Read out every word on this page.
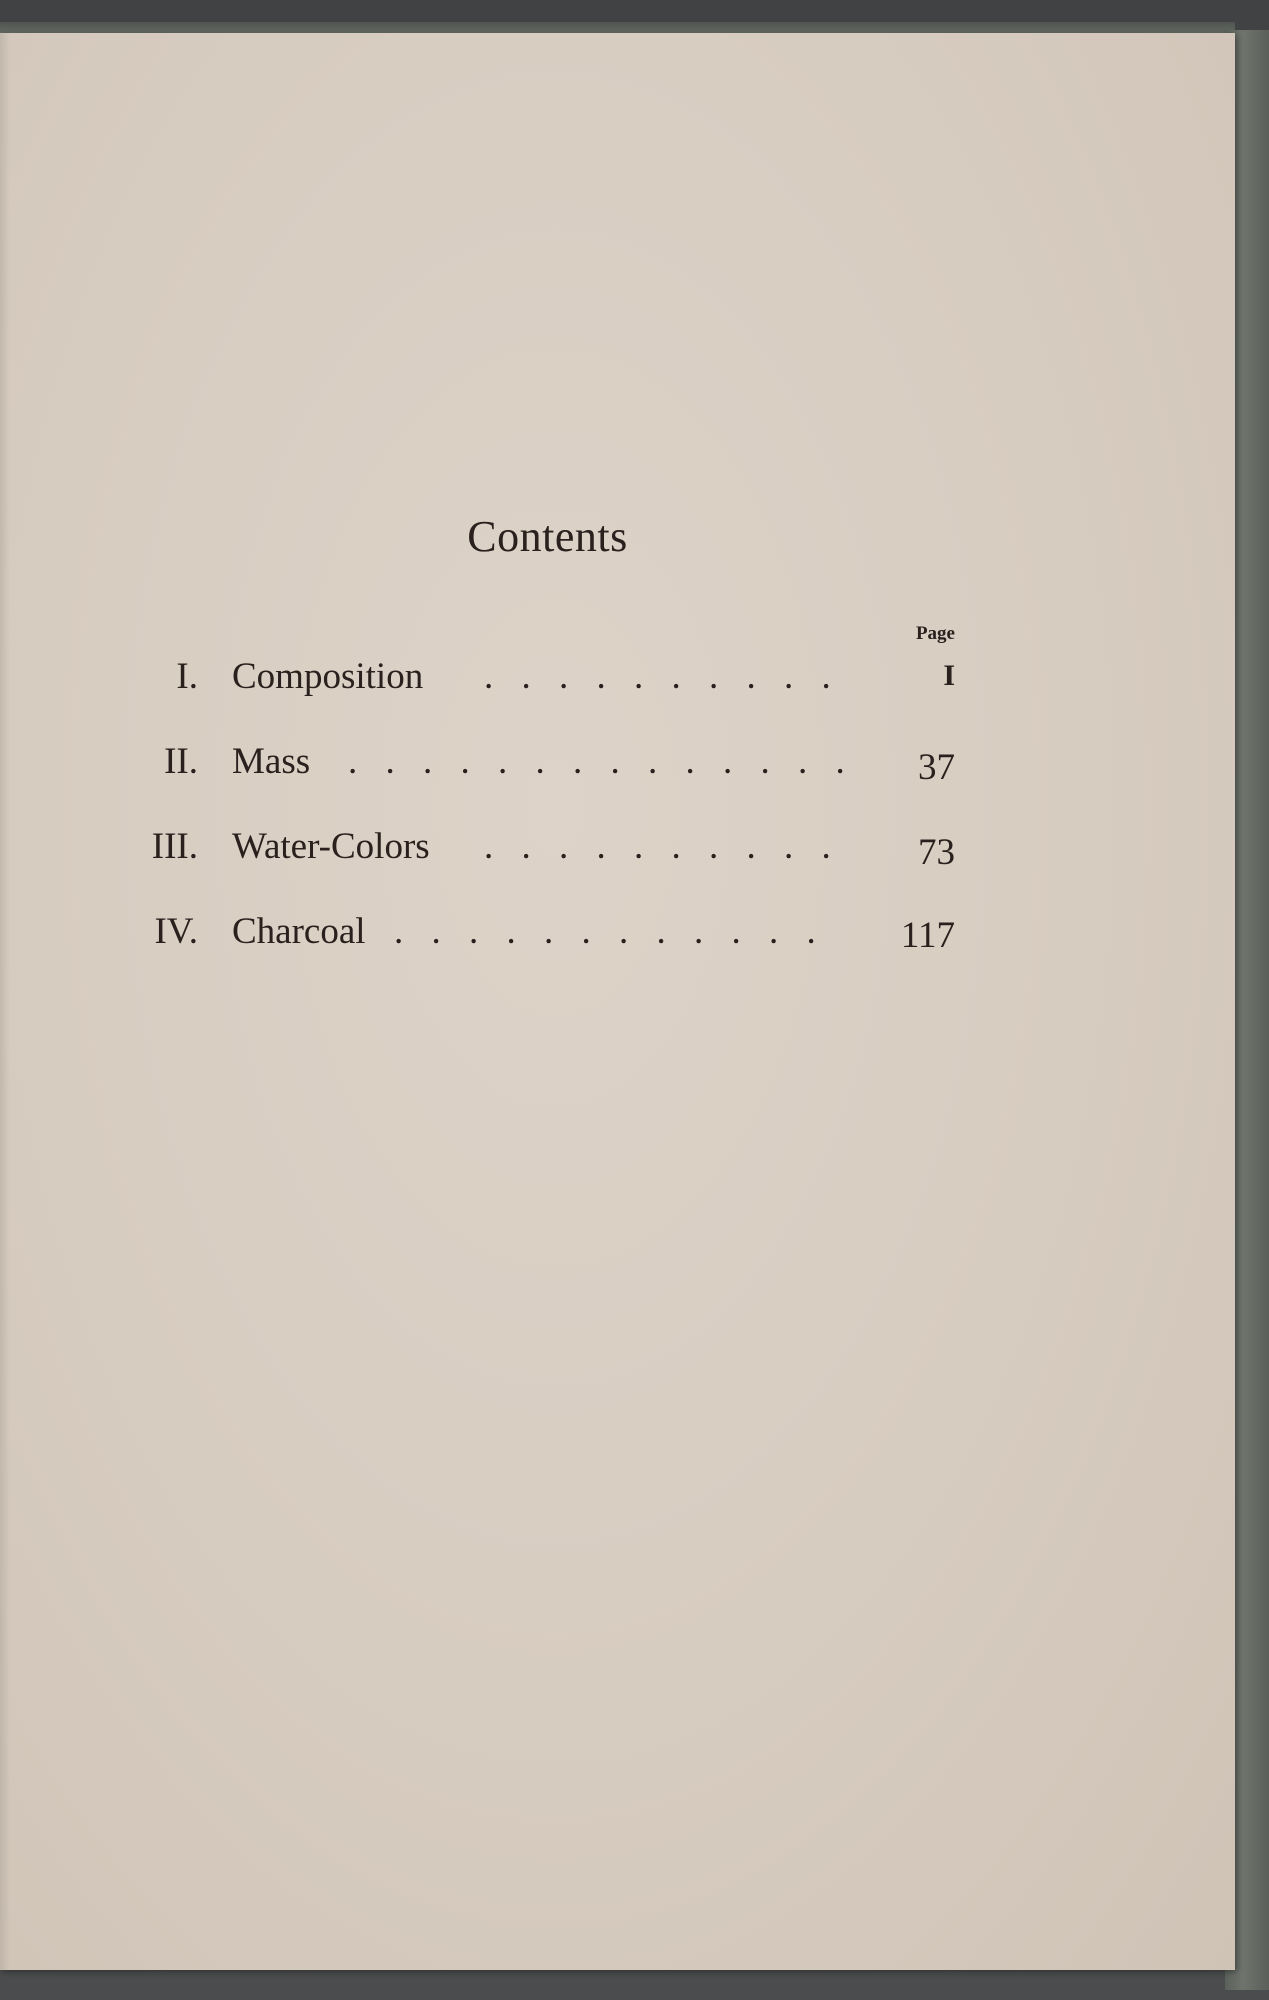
Contents
Page
I. Composition . . . . . . . . . .	I
II. Mass . . . . . . . . . . . . . . 37
III. Water-Colors . . . . . . . . . . 73
IV. Charcoal . . . . . . . . . . . . 117
